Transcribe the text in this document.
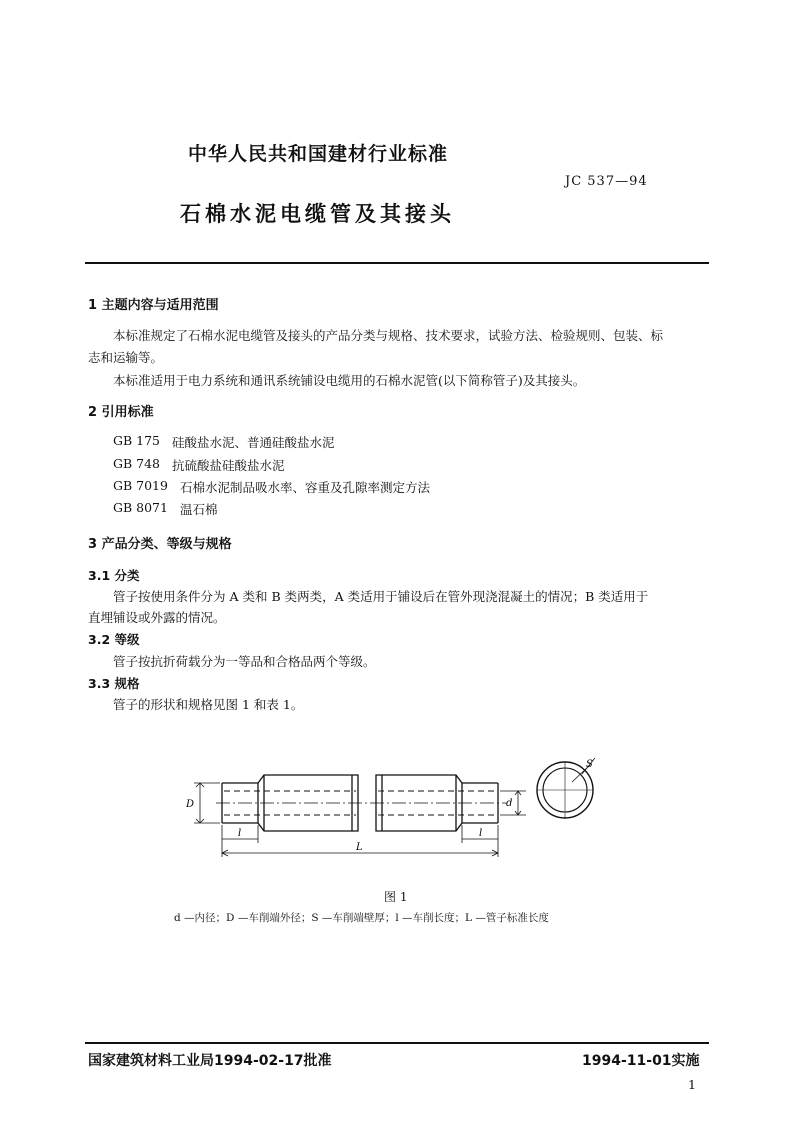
中华人民共和国建材行业标准
JC 537—94
石棉水泥电缆管及其接头
1 主题内容与适用范围
本标准规定了石棉水泥电缆管及接头的产品分类与规格、技术要求，试验方法、检验规则、包装、标
志和运输等。
本标准适用于电力系统和通讯系统铺设电缆用的石棉水泥管(以下简称管子)及其接头。
2 引用标准
GB 175 硅酸盐水泥、普通硅酸盐水泥
GB 748 抗硫酸盐硅酸盐水泥
GB 7019 石棉水泥制品吸水率、容重及孔隙率测定方法
GB 8071 温石棉
3 产品分类、等级与规格
3.1 分类
管子按使用条件分为 A 类和 B 类两类，A 类适用于铺设后在管外现浇混凝土的情况；B 类适用于
直埋铺设或外露的情况。
3.2 等级
管子按抗折荷载分为一等品和合格品两个等级。
3.3 规格
管子的形状和规格见图 1 和表 1。
D	d
l	l
L
S
图 1
d —内径；D —车削端外径；S —车削端壁厚；l —车削长度；L —管子标准长度
国家建筑材料工业局1994-02-17批准	1994-11-01实施
1
